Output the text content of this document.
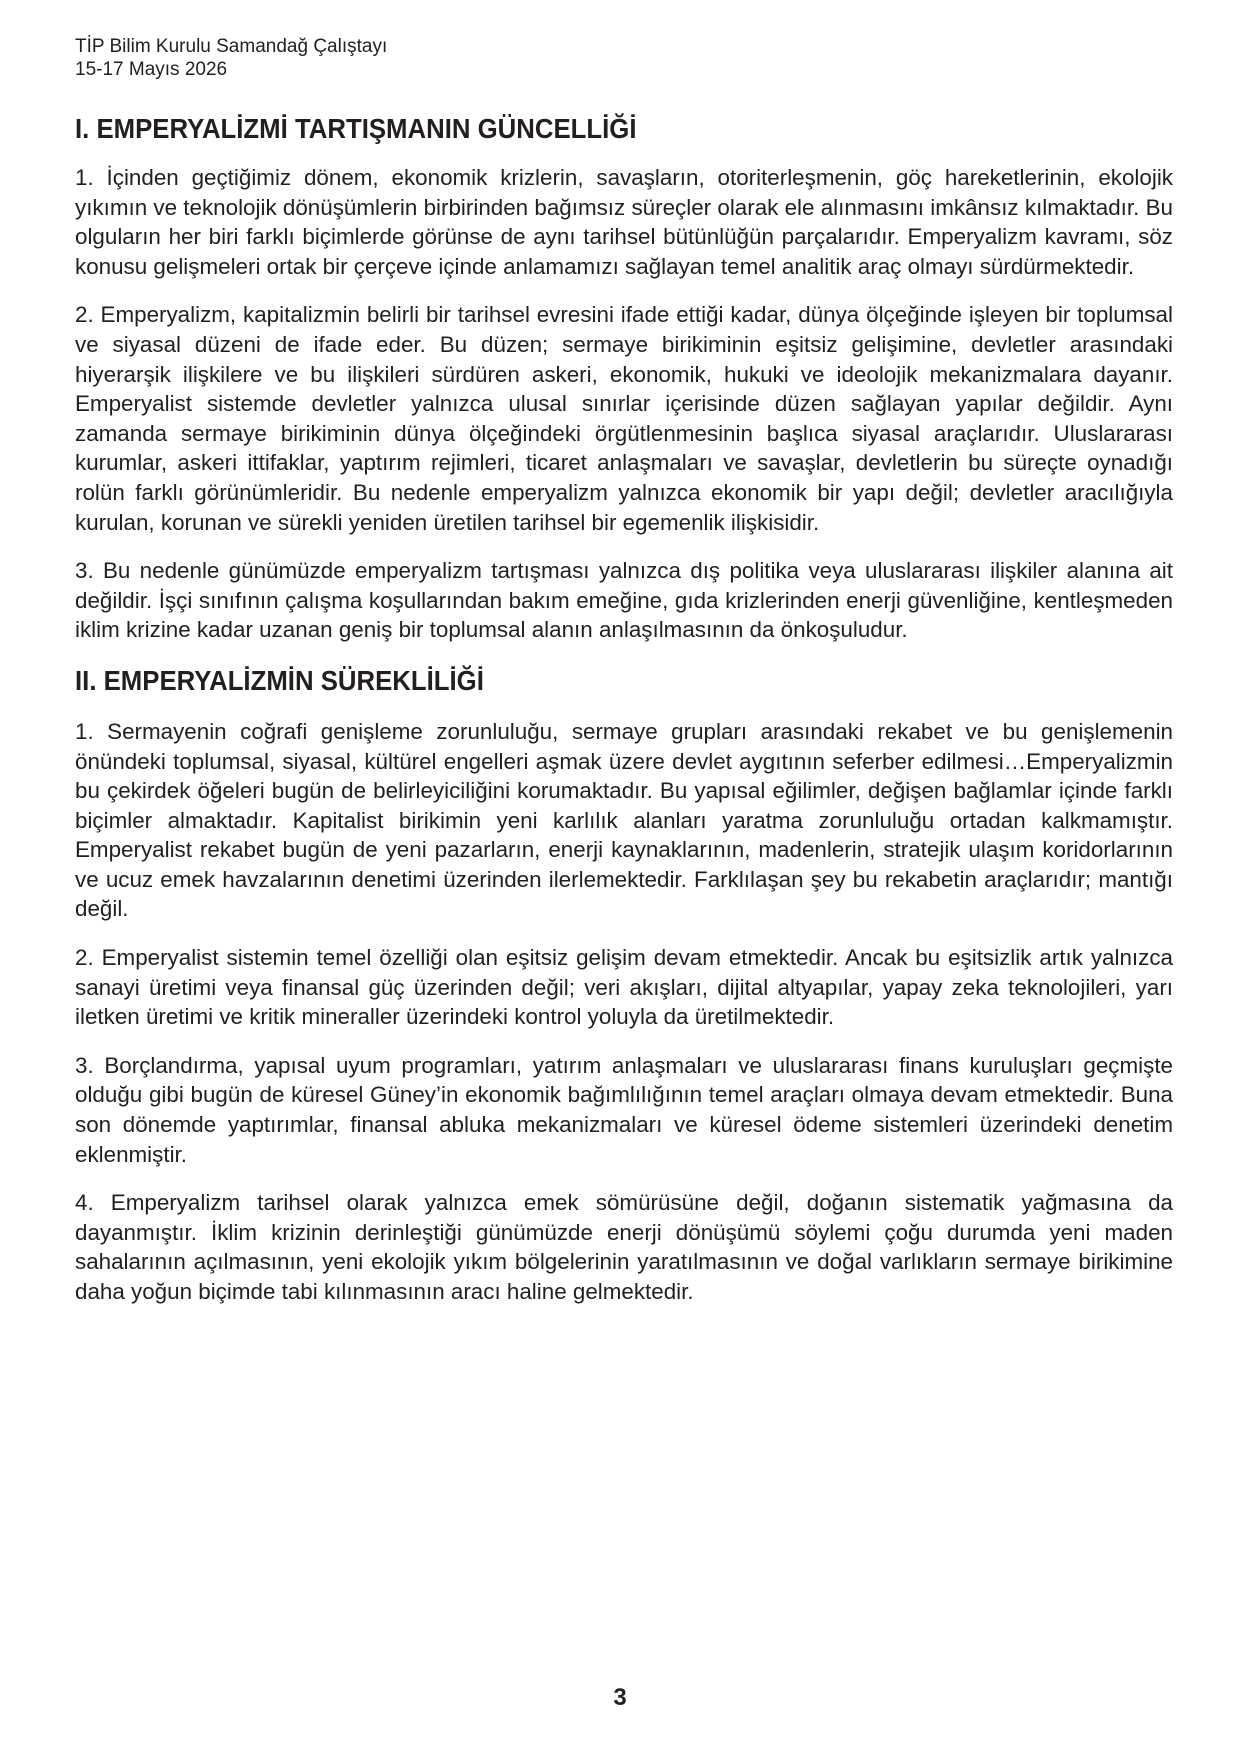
TİP Bilim Kurulu Samandağ Çalıştayı
15-17 Mayıs 2026
I. EMPERYALİZMİ TARTIŞMANIN GÜNCELLİĞİ

1. İçinden geçtiğimiz dönem, ekonomik krizlerin, savaşların, otoriterleşmenin, göç hareketlerinin, ekolojik yıkımın ve teknolojik dönüşümlerin birbirinden bağımsız süreçler olarak ele alınmasını imkânsız kılmaktadır. Bu olguların her biri farklı biçimlerde görünse de aynı tarihsel bütünlüğün parçalarıdır. Emperyalizm kavramı, söz konusu gelişmeleri ortak bir çerçeve içinde anlamamızı sağlayan temel analitik araç olmayı sürdürmektedir.

2. Emperyalizm, kapitalizmin belirli bir tarihsel evresini ifade ettiği kadar, dünya ölçeğinde işleyen bir toplumsal ve siyasal düzeni de ifade eder. Bu düzen; sermaye birikiminin eşitsiz gelişimine, devletler arasındaki hiyerarşik ilişkilere ve bu ilişkileri sürdüren askeri, ekonomik, hukuki ve ideolojik mekanizmalara dayanır. Emperyalist sistemde devletler yalnızca ulusal sınırlar içerisinde düzen sağlayan yapılar değildir. Aynı zamanda sermaye birikiminin dünya ölçeğindeki örgütlenmesinin başlıca siyasal araçlarıdır. Uluslararası kurumlar, askeri ittifaklar, yaptırım rejimleri, ticaret anlaşmaları ve savaşlar, devletlerin bu süreçte oynadığı rolün farklı görünümleridir. Bu nedenle emperyalizm yalnızca ekonomik bir yapı değil; devletler aracılığıyla kurulan, korunan ve sürekli yeniden üretilen tarihsel bir egemenlik ilişkisidir.

3. Bu nedenle günümüzde emperyalizm tartışması yalnızca dış politika veya uluslararası ilişkiler alanına ait değildir. İşçi sınıfının çalışma koşullarından bakım emeğine, gıda krizlerinden enerji güvenliğine, kentleşmeden iklim krizine kadar uzanan geniş bir toplumsal alanın anlaşılmasının da önkoşuludur.

II. EMPERYALİZMİN SÜREKLİLİĞİ

1. Sermayenin coğrafi genişleme zorunluluğu, sermaye grupları arasındaki rekabet ve bu genişlemenin önündeki toplumsal, siyasal, kültürel engelleri aşmak üzere devlet aygıtının seferber edilmesi…Emperyalizmin bu çekirdek öğeleri bugün de belirleyiciliğini korumaktadır. Bu yapısal eğilimler, değişen bağlamlar içinde farklı biçimler almaktadır. Kapitalist birikimin yeni karlılık alanları yaratma zorunluluğu ortadan kalkmamıştır. Emperyalist rekabet bugün de yeni pazarların, enerji kaynaklarının, madenlerin, stratejik ulaşım koridorlarının ve ucuz emek havzalarının denetimi üzerinden ilerlemektedir. Farklılaşan şey bu rekabetin araçlarıdır; mantığı değil.

2. Emperyalist sistemin temel özelliği olan eşitsiz gelişim devam etmektedir. Ancak bu eşitsizlik artık yalnızca sanayi üretimi veya finansal güç üzerinden değil; veri akışları, dijital altyapılar, yapay zeka teknolojileri, yarı iletken üretimi ve kritik mineraller üzerindeki kontrol yoluyla da üretilmektedir.

3. Borçlandırma, yapısal uyum programları, yatırım anlaşmaları ve uluslararası finans kuruluşları geçmişte olduğu gibi bugün de küresel Güney’in ekonomik bağımlılığının temel araçları olmaya devam etmektedir. Buna son dönemde yaptırımlar, finansal abluka mekanizmaları ve küresel ödeme sistemleri üzerindeki denetim eklenmiştir.

4. Emperyalizm tarihsel olarak yalnızca emek sömürüsüne değil, doğanın sistematik yağmasına da dayanmıştır. İklim krizinin derinleştiği günümüzde enerji dönüşümü söylemi çoğu durumda yeni maden sahalarının açılmasının, yeni ekolojik yıkım bölgelerinin yaratılmasının ve doğal varlıkların sermaye birikimine daha yoğun biçimde tabi kılınmasının aracı haline gelmektedir.

3
